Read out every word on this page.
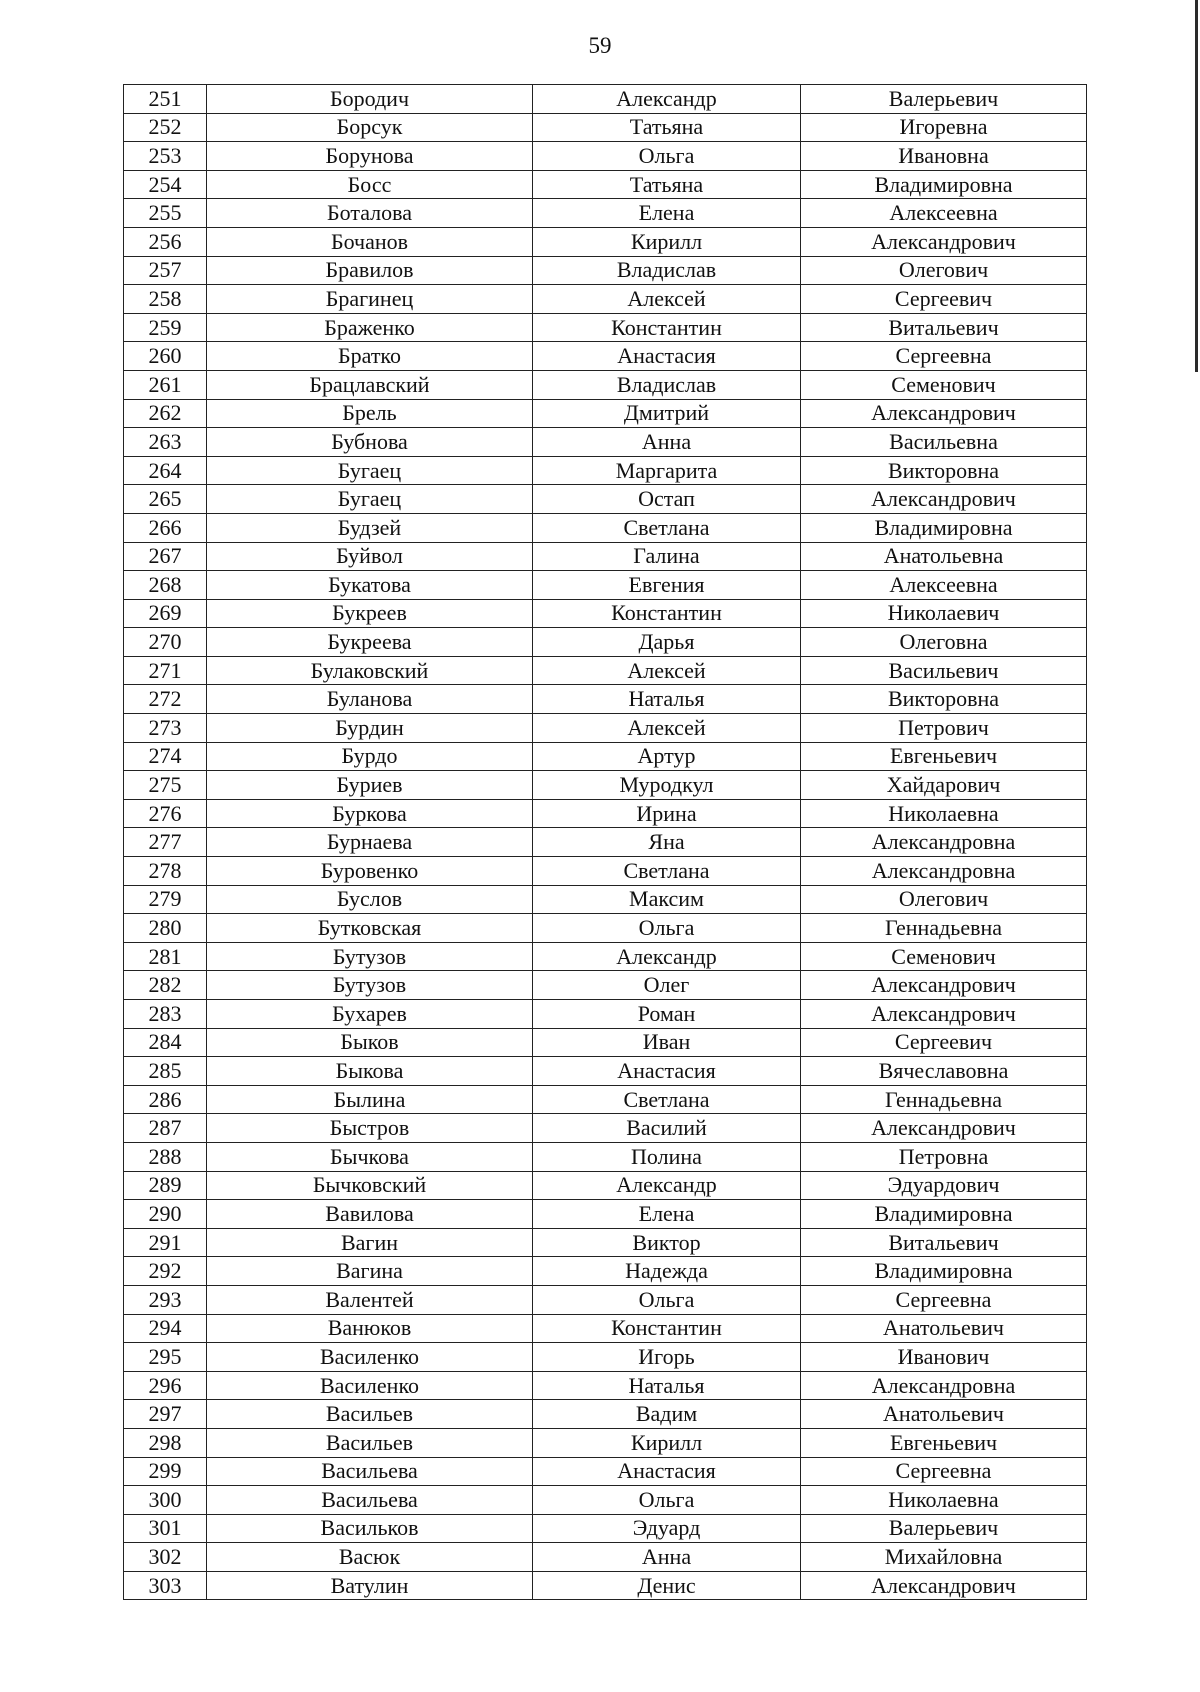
59
251	Бородич	Александр	Валерьевич
252	Борсук	Татьяна	Игоревна
253	Борунова	Ольга	Ивановна
254	Босс	Татьяна	Владимировна
255	Боталова	Елена	Алексеевна
256	Бочанов	Кирилл	Александрович
257	Бравилов	Владислав	Олегович
258	Брагинец	Алексей	Сергеевич
259	Браженко	Константин	Витальевич
260	Братко	Анастасия	Сергеевна
261	Брацлавский	Владислав	Семенович
262	Брель	Дмитрий	Александрович
263	Бубнова	Анна	Васильевна
264	Бугаец	Маргарита	Викторовна
265	Бугаец	Остап	Александрович
266	Будзей	Светлана	Владимировна
267	Буйвол	Галина	Анатольевна
268	Букатова	Евгения	Алексеевна
269	Букреев	Константин	Николаевич
270	Букреева	Дарья	Олеговна
271	Булаковский	Алексей	Васильевич
272	Буланова	Наталья	Викторовна
273	Бурдин	Алексей	Петрович
274	Бурдо	Артур	Евгеньевич
275	Буриев	Муродкул	Хайдарович
276	Буркова	Ирина	Николаевна
277	Бурнаева	Яна	Александровна
278	Буровенко	Светлана	Александровна
279	Буслов	Максим	Олегович
280	Бутковская	Ольга	Геннадьевна
281	Бутузов	Александр	Семенович
282	Бутузов	Олег	Александрович
283	Бухарев	Роман	Александрович
284	Быков	Иван	Сергеевич
285	Быкова	Анастасия	Вячеславовна
286	Былина	Светлана	Геннадьевна
287	Быстров	Василий	Александрович
288	Бычкова	Полина	Петровна
289	Бычковский	Александр	Эдуардович
290	Вавилова	Елена	Владимировна
291	Вагин	Виктор	Витальевич
292	Вагина	Надежда	Владимировна
293	Валентей	Ольга	Сергеевна
294	Ванюков	Константин	Анатольевич
295	Василенко	Игорь	Иванович
296	Василенко	Наталья	Александровна
297	Васильев	Вадим	Анатольевич
298	Васильев	Кирилл	Евгеньевич
299	Васильева	Анастасия	Сергеевна
300	Васильева	Ольга	Николаевна
301	Васильков	Эдуард	Валерьевич
302	Васюк	Анна	Михайловна
303	Ватулин	Денис	Александрович
